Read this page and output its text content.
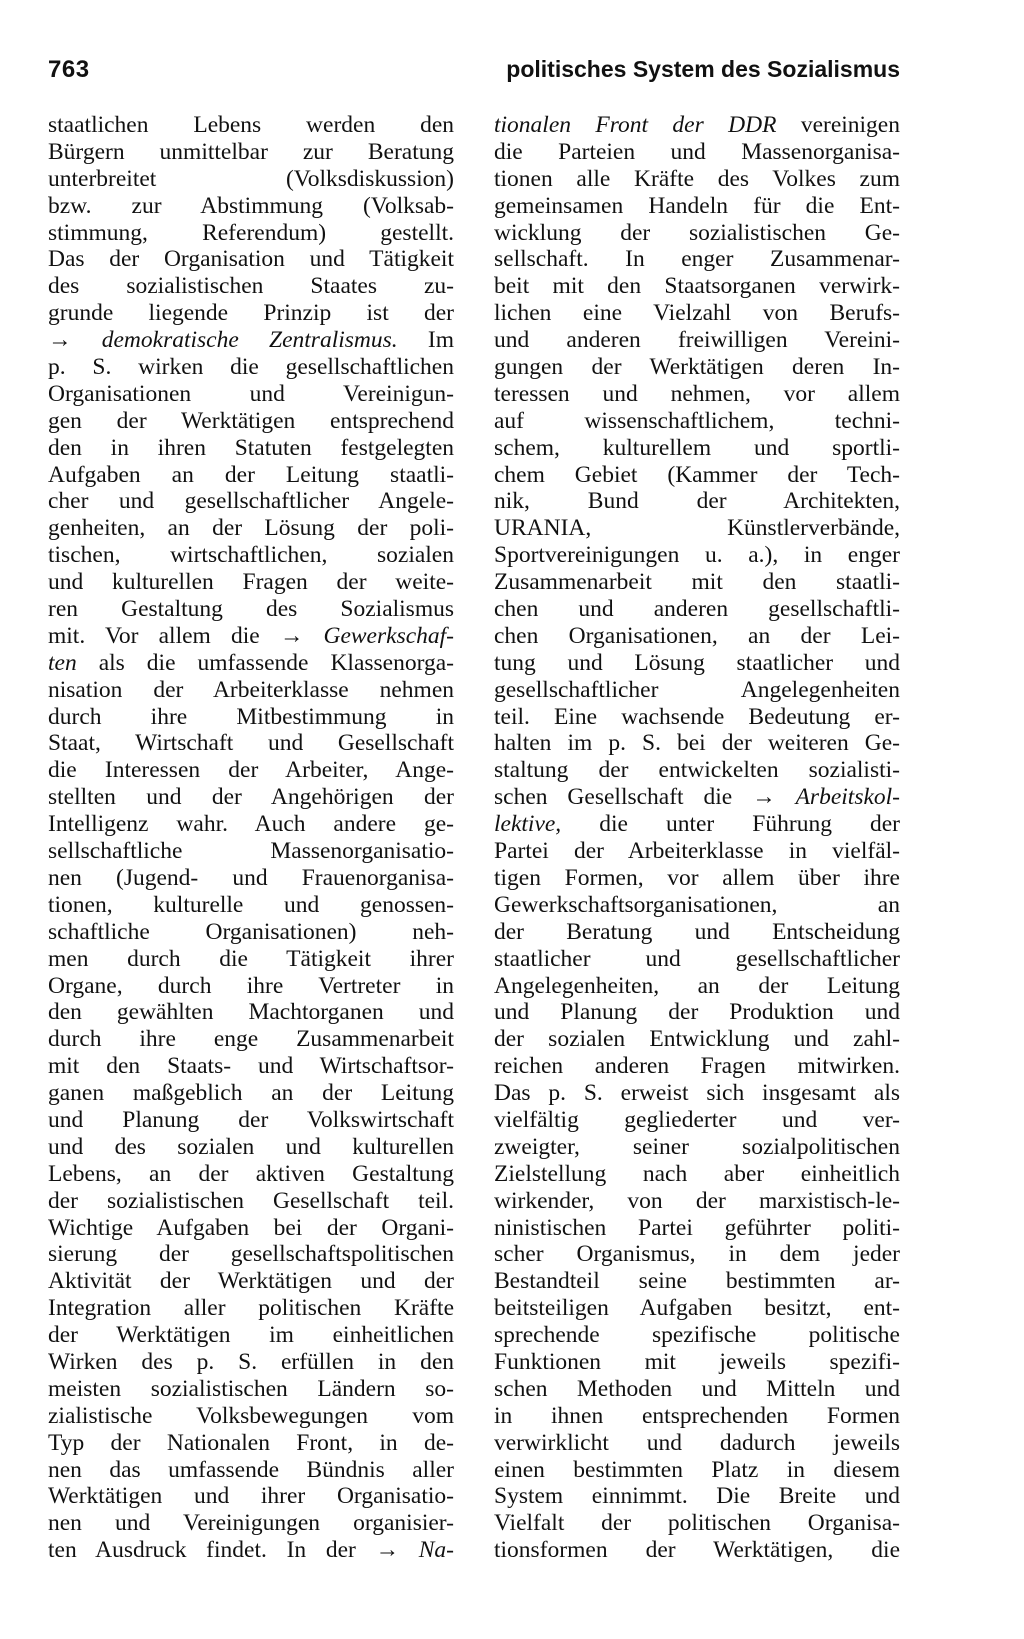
763	politisches System des Sozialismus
staatlichen Lebens werden den
Bürgern unmittelbar zur Beratung
unterbreitet (Volksdiskussion)
bzw. zur Abstimmung (Volksab-
stimmung, Referendum) gestellt.
Das der Organisation und Tätigkeit
des sozialistischen Staates zu-
grunde liegende Prinzip ist der
→ demokratische Zentralismus. Im
p. S. wirken die gesellschaftlichen
Organisationen und Vereinigun-
gen der Werktätigen entsprechend
den in ihren Statuten festgelegten
Aufgaben an der Leitung staatli-
cher und gesellschaftlicher Angele-
genheiten, an der Lösung der poli-
tischen, wirtschaftlichen, sozialen
und kulturellen Fragen der weite-
ren Gestaltung des Sozialismus
mit. Vor allem die → Gewerkschaf-
ten als die umfassende Klassenorga-
nisation der Arbeiterklasse nehmen
durch ihre Mitbestimmung in
Staat, Wirtschaft und Gesellschaft
die Interessen der Arbeiter, Ange-
stellten und der Angehörigen der
Intelligenz wahr. Auch andere ge-
sellschaftliche Massenorganisatio-
nen (Jugend- und Frauenorganisa-
tionen, kulturelle und genossen-
schaftliche Organisationen) neh-
men durch die Tätigkeit ihrer
Organe, durch ihre Vertreter in
den gewählten Machtorganen und
durch ihre enge Zusammenarbeit
mit den Staats- und Wirtschaftsor-
ganen maßgeblich an der Leitung
und Planung der Volkswirtschaft
und des sozialen und kulturellen
Lebens, an der aktiven Gestaltung
der sozialistischen Gesellschaft teil.
Wichtige Aufgaben bei der Organi-
sierung der gesellschaftspolitischen
Aktivität der Werktätigen und der
Integration aller politischen Kräfte
der Werktätigen im einheitlichen
Wirken des p. S. erfüllen in den
meisten sozialistischen Ländern so-
zialistische Volksbewegungen vom
Typ der Nationalen Front, in de-
nen das umfassende Bündnis aller
Werktätigen und ihrer Organisatio-
nen und Vereinigungen organisier-
ten Ausdruck findet. In der → Na-
tionalen Front der DDR vereinigen
die Parteien und Massenorganisa-
tionen alle Kräfte des Volkes zum
gemeinsamen Handeln für die Ent-
wicklung der sozialistischen Ge-
sellschaft. In enger Zusammenar-
beit mit den Staatsorganen verwirk-
lichen eine Vielzahl von Berufs-
und anderen freiwilligen Vereini-
gungen der Werktätigen deren In-
teressen und nehmen, vor allem
auf wissenschaftlichem, techni-
schem, kulturellem und sportli-
chem Gebiet (Kammer der Tech-
nik, Bund der Architekten,
URANIA, Künstlerverbände,
Sportvereinigungen u. a.), in enger
Zusammenarbeit mit den staatli-
chen und anderen gesellschaftli-
chen Organisationen, an der Lei-
tung und Lösung staatlicher und
gesellschaftlicher Angelegenheiten
teil. Eine wachsende Bedeutung er-
halten im p. S. bei der weiteren Ge-
staltung der entwickelten sozialisti-
schen Gesellschaft die → Arbeitskol-
lektive, die unter Führung der
Partei der Arbeiterklasse in vielfäl-
tigen Formen, vor allem über ihre
Gewerkschaftsorganisationen, an
der Beratung und Entscheidung
staatlicher und gesellschaftlicher
Angelegenheiten, an der Leitung
und Planung der Produktion und
der sozialen Entwicklung und zahl-
reichen anderen Fragen mitwirken.
Das p. S. erweist sich insgesamt als
vielfältig gegliederter und ver-
zweigter, seiner sozialpolitischen
Zielstellung nach aber einheitlich
wirkender, von der marxistisch-le-
ninistischen Partei geführter politi-
scher Organismus, in dem jeder
Bestandteil seine bestimmten ar-
beitsteiligen Aufgaben besitzt, ent-
sprechende spezifische politische
Funktionen mit jeweils spezifi-
schen Methoden und Mitteln und
in ihnen entsprechenden Formen
verwirklicht und dadurch jeweils
einen bestimmten Platz in diesem
System einnimmt. Die Breite und
Vielfalt der politischen Organisa-
tionsformen der Werktätigen, die
